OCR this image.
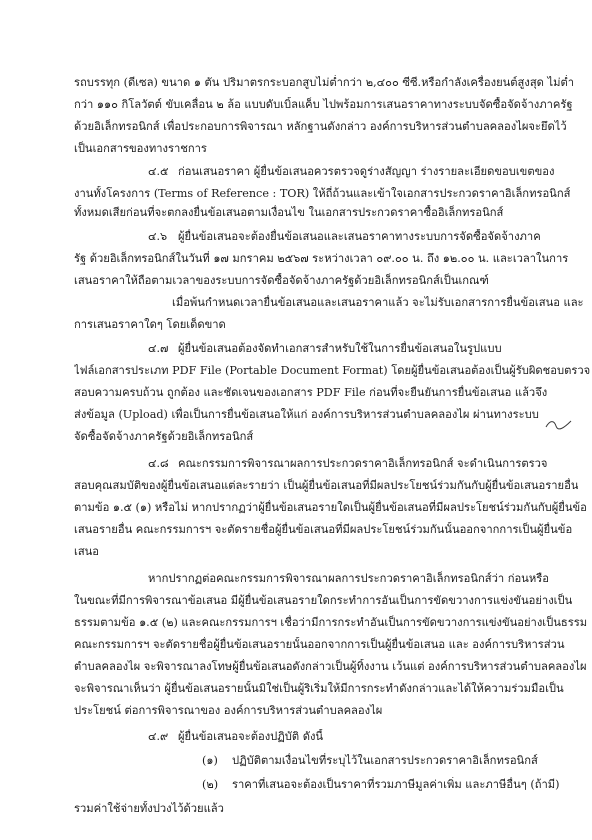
รถบรรทุก (ดีเซล) ขนาด ๑ ตัน ปริมาตรกระบอกสูบไม่ต่ำกว่า ๒,๔๐๐ ซีซี.หรือกำลังเครื่องยนต์สูงสุด ไม่ต่ำ
กว่า ๑๑๐ กิโลวัตต์ ขับเคลื่อน ๒ ล้อ แบบดับเบิ้ลแค็บ ไปพร้อมการเสนอราคาทางระบบจัดซื้อจัดจ้างภาครัฐ
ด้วยอิเล็กทรอนิกส์ เพื่อประกอบการพิจารณา หลักฐานดังกล่าว องค์การบริหารส่วนตำบลคลองไผจะยึดไว้
เป็นเอกสารของทางราชการ
๔.๕ ก่อนเสนอราคา ผู้ยื่นข้อเสนอควรตรวจดูร่างสัญญา ร่างรายละเอียดขอบเขตของ
งานทั้งโครงการ (Terms of Reference : TOR) ให้ถี่ถ้วนและเข้าใจเอกสารประกวดราคาอิเล็กทรอนิกส์
ทั้งหมดเสียก่อนที่จะตกลงยื่นข้อเสนอตามเงื่อนไข ในเอกสารประกวดราคาซื้ออิเล็กทรอนิกส์
๔.๖ ผู้ยื่นข้อเสนอจะต้องยื่นข้อเสนอและเสนอราคาทางระบบการจัดซื้อจัดจ้างภาค
รัฐ ด้วยอิเล็กทรอนิกส์ในวันที่ ๑๗ มกราคม ๒๕๖๗ ระหว่างเวลา ๐๙.๐๐ น. ถึง ๑๒.๐๐ น. และเวลาในการ
เสนอราคาให้ถือตามเวลาของระบบการจัดซื้อจัดจ้างภาครัฐด้วยอิเล็กทรอนิกส์เป็นเกณฑ์
เมื่อพ้นกำหนดเวลายื่นข้อเสนอและเสนอราคาแล้ว จะไม่รับเอกสารการยื่นข้อเสนอ และ
การเสนอราคาใดๆ โดยเด็ดขาด
๔.๗ ผู้ยื่นข้อเสนอต้องจัดทำเอกสารสำหรับใช้ในการยื่นข้อเสนอในรูปแบบ
ไฟล์เอกสารประเภท PDF File (Portable Document Format) โดยผู้ยื่นข้อเสนอต้องเป็นผู้รับผิดชอบตรวจ
สอบความครบถ้วน ถูกต้อง และชัดเจนของเอกสาร PDF File ก่อนที่จะยืนยันการยื่นข้อเสนอ แล้วจึง
ส่งข้อมูล (Upload) เพื่อเป็นการยื่นข้อเสนอให้แก่ องค์การบริหารส่วนตำบลคลองไผ ผ่านทางระบบ
จัดซื้อจัดจ้างภาครัฐด้วยอิเล็กทรอนิกส์
๔.๘ คณะกรรมการพิจารณาผลการประกวดราคาอิเล็กทรอนิกส์ จะดำเนินการตรวจ
สอบคุณสมบัติของผู้ยื่นข้อเสนอแต่ละรายว่า เป็นผู้ยื่นข้อเสนอที่มีผลประโยชน์ร่วมกันกับผู้ยื่นข้อเสนอรายอื่น
ตามข้อ ๑.๕ (๑) หรือไม่ หากปรากฏว่าผู้ยื่นข้อเสนอรายใดเป็นผู้ยื่นข้อเสนอที่มีผลประโยชน์ร่วมกันกับผู้ยื่นข้อ
เสนอรายอื่น คณะกรรมการฯ จะตัดรายชื่อผู้ยื่นข้อเสนอที่มีผลประโยชน์ร่วมกันนั้นออกจากการเป็นผู้ยื่นข้อ
เสนอ
หากปรากฏต่อคณะกรรมการพิจารณาผลการประกวดราคาอิเล็กทรอนิกส์ว่า ก่อนหรือ
ในขณะที่มีการพิจารณาข้อเสนอ มีผู้ยื่นข้อเสนอรายใดกระทำการอันเป็นการขัดขวางการแข่งขันอย่างเป็น
ธรรมตามข้อ ๑.๕ (๒) และคณะกรรมการฯ เชื่อว่ามีการกระทำอันเป็นการขัดขวางการแข่งขันอย่างเป็นธรรม
คณะกรรมการฯ จะตัดรายชื่อผู้ยื่นข้อเสนอรายนั้นออกจากการเป็นผู้ยื่นข้อเสนอ และ องค์การบริหารส่วน
ตำบลคลองไผ จะพิจารณาลงโทษผู้ยื่นข้อเสนอดังกล่าวเป็นผู้ทิ้งงาน เว้นแต่ องค์การบริหารส่วนตำบลคลองไผ
จะพิจารณาเห็นว่า ผู้ยื่นข้อเสนอรายนั้นมิใช่เป็นผู้ริเริ่มให้มีการกระทำดังกล่าวและได้ให้ความร่วมมือเป็น
ประโยชน์ ต่อการพิจารณาของ องค์การบริหารส่วนตำบลคลองไผ
๔.๙ ผู้ยื่นข้อเสนอจะต้องปฏิบัติ ดังนี้
(๑) ปฏิบัติตามเงื่อนไขที่ระบุไว้ในเอกสารประกวดราคาอิเล็กทรอนิกส์
(๒) ราคาที่เสนอจะต้องเป็นราคาที่รวมภาษีมูลค่าเพิ่ม และภาษีอื่นๆ (ถ้ามี)
รวมค่าใช้จ่ายทั้งปวงไว้ด้วยแล้ว
